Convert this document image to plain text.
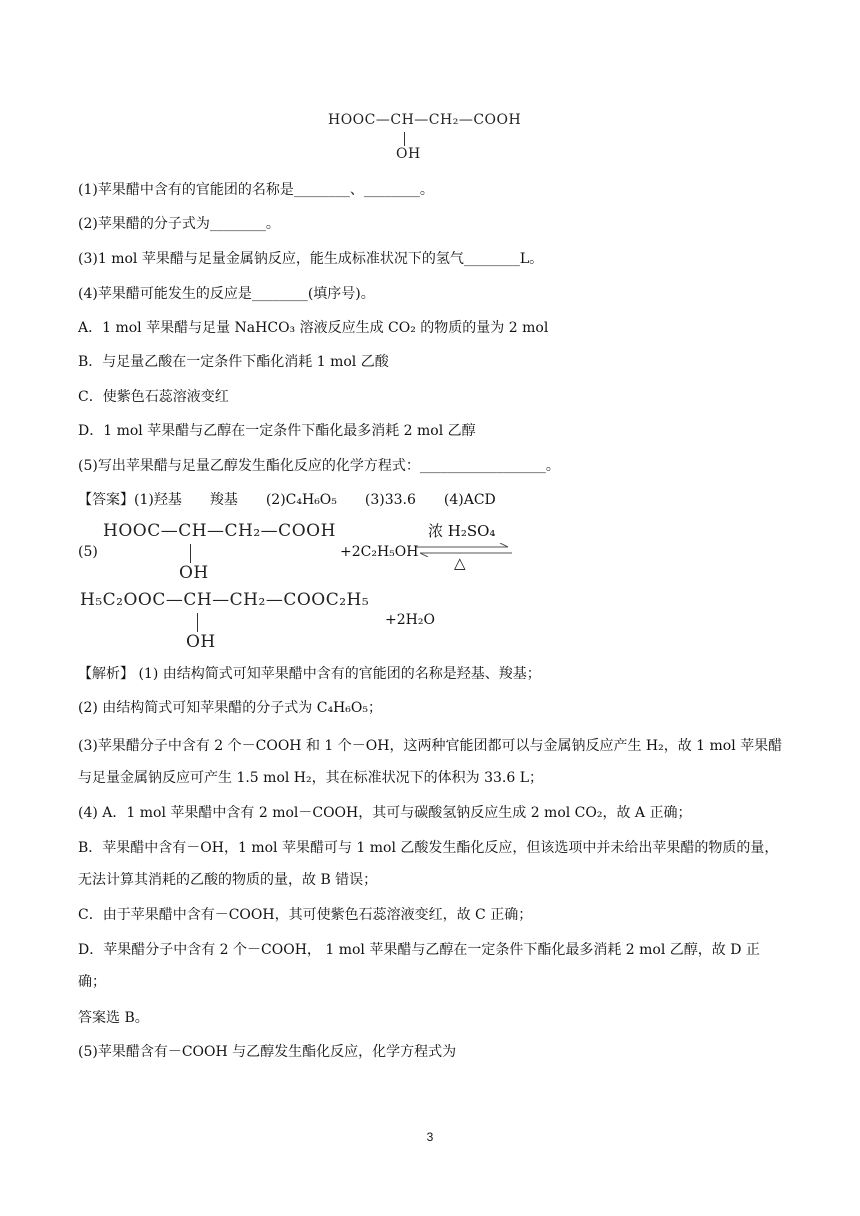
HOOC—CH—CH₂—COOH
OH
(1)苹果醋中含有的官能团的名称是________、________。
(2)苹果醋的分子式为________。
(3)1 mol 苹果醋与足量金属钠反应，能生成标准状况下的氢气________L。
(4)苹果醋可能发生的反应是________(填序号)。
A．1 mol 苹果醋与足量 NaHCO₃ 溶液反应生成 CO₂ 的物质的量为 2 mol
B．与足量乙酸在一定条件下酯化消耗 1 mol 乙酸
C．使紫色石蕊溶液变红
D．1 mol 苹果醋与乙醇在一定条件下酯化最多消耗 2 mol 乙醇
(5)写出苹果醋与足量乙醇发生酯化反应的化学方程式：__________________。
【答案】(1)羟基　　羧基　　(2)C₄H₆O₅　　(3)33.6　　(4)ACD
(5)
HOOC—CH—CH₂—COOH
OH
+2C₂H₅OH
浓 H₂SO₄
△
H₅C₂OOC—CH—CH₂—COOC₂H₅
OH
+2H₂O
【解析】 (1) 由结构简式可知苹果醋中含有的官能团的名称是羟基、羧基；
(2) 由结构简式可知苹果醋的分子式为 C₄H₆O₅；
(3)苹果醋分子中含有 2 个－COOH 和 1 个－OH，这两种官能团都可以与金属钠反应产生 H₂，故 1 mol 苹果醋与足量金属钠反应可产生 1.5 mol H₂，其在标准状况下的体积为 33.6 L；
(4) A．1 mol 苹果醋中含有 2 mol－COOH，其可与碳酸氢钠反应生成 2 mol CO₂，故 A 正确；
B．苹果醋中含有－OH，1 mol 苹果醋可与 1 mol 乙酸发生酯化反应，但该选项中并未给出苹果醋的物质的量，无法计算其消耗的乙酸的物质的量，故 B 错误；
C．由于苹果醋中含有－COOH，其可使紫色石蕊溶液变红，故 C 正确；
D．苹果醋分子中含有 2 个－COOH， 1 mol 苹果醋与乙醇在一定条件下酯化最多消耗 2 mol 乙醇，故 D 正确；
答案选 B。
(5)苹果醋含有－COOH 与乙醇发生酯化反应，化学方程式为
3
